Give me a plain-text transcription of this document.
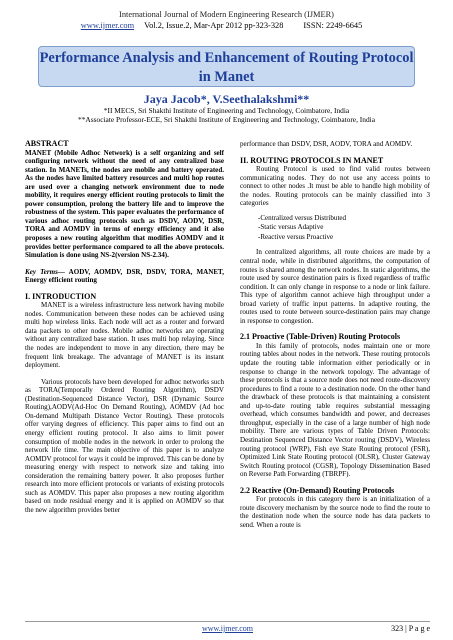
International Journal of Modern Engineering Research (IJMER)
www.ijmer.com Vol.2, Issue.2, Mar-Apr 2012 pp-323-328 ISSN: 2249-6645
Performance Analysis and Enhancement of Routing Protocol in Manet
Jaya Jacob*, V.Seethalakshmi**
*II MECS, Sri Shakthi Institute of Engineering and Technology, Coimbatore, India
**Associate Professor-ECE, Sri Shakthi Institute of Engineering and Technology, Coimbatore, India

ABSTRACT

MANET (Mobile Adhoc Network) is a self organizing and self configuring network without the need of any centralized base station. In MANETs, the nodes are mobile and battery operated. As the nodes have limited battery resources and multi hop routes are used over a changing network environment due to node mobility, it requires energy efficient routing protocols to limit the power consumption, prolong the battery life and to improve the robustness of the system. This paper evaluates the performance of various adhoc routing protocols such as DSDV, AODV, DSR, TORA and AOMDV in terms of energy efficiency and it also proposes a new routing algorithm that modifies AOMDV and it provides better performance compared to all the above protocols. Simulation is done using NS-2(version NS-2.34).

Key Terms— AODV, AOMDV, DSR, DSDV, TORA, MANET, Energy efficient routing

I. INTRODUCTION

MANET is a wireless infrastructure less network having mobile nodes. Communication between these nodes can be achieved using multi hop wireless links. Each node will act as a router and forward data packets to other nodes. Mobile adhoc networks are operating without any centralized base station. It uses multi hop relaying. Since the nodes are independent to move in any direction, there may be frequent link breakage. The advantage of MANET is its instant deployment.

Various protocols have been developed for adhoc networks such as TORA(Temporally Ordered Routing Algorithm), DSDV (Destination-Sequenced Distance Vector), DSR (Dynamic Source Routing),AODV(Ad-Hoc On Demand Routing), AOMDV (Ad hoc On-demand Multipath Distance Vector Routing). These protocols offer varying degrees of efficiency. This paper aims to find out an energy efficient routing protocol. It also aims to limit power consumption of mobile nodes in the network in order to prolong the network life time. The main objective of this paper is to analyze AOMDV protocol for ways it could be improved. This can be done by measuring energy with respect to network size and taking into consideration the remaining battery power. It also proposes further research into more efficient protocols or variants of existing protocols such as AOMDV. This paper also proposes a new routing algorithm based on node residual energy and it is applied on AOMDV so that the new algorithm provides better

performance than DSDV, DSR, AODV, TORA and AOMDV.

II. ROUTING PROTOCOLS IN MANET

Routing Protocol is used to find valid routes between communicating nodes. They do not use any access points to connect to other nodes .It must be able to handle high mobility of the nodes. Routing protocols can be mainly classified into 3 categories

-Centralized versus Distributed

-Static versus Adaptive

-Reactive versus Proactive

In centralized algorithms, all route choices are made by a central node, while in distributed algorithms, the computation of routes is shared among the network nodes. In static algorithms, the route used by source destination pairs is fixed regardless of traffic condition. It can only change in response to a node or link failure. This type of algorithm cannot achieve high throughput under a broad variety of traffic input patterns. In adaptive routing, the routes used to route between source-destination pairs may change in response to congestion.

2.1 Proactive (Table-Driven) Routing Protocols

In this family of protocols, nodes maintain one or more routing tables about nodes in the network. These routing protocols update the routing table information either periodically or in response to change in the network topology. The advantage of these protocols is that a source node does not need route-discovery procedures to find a route to a destination node. On the other hand the drawback of these protocols is that maintaining a consistent and up-to-date routing table requires substantial messaging overhead, which consumes bandwidth and power, and decreases throughput, especially in the case of a large number of high node mobility. There are various types of Table Driven Protocols: Destination Sequenced Distance Vector routing (DSDV), Wireless routing protocol (WRP), Fish eye State Routing protocol (FSR), Optimized Link State Routing protocol (OLSR), Cluster Gateway Switch Routing protocol (CGSR), Topology Dissemination Based on Reverse Path Forwarding (TBRPF).

2.2 Reactive (On-Demand) Routing Protocols

For protocols in this category there is an initialization of a route discovery mechanism by the source node to find the route to the destination node when the source node has data packets to send. When a route is

www.ijmer.com	323 | P a g e
